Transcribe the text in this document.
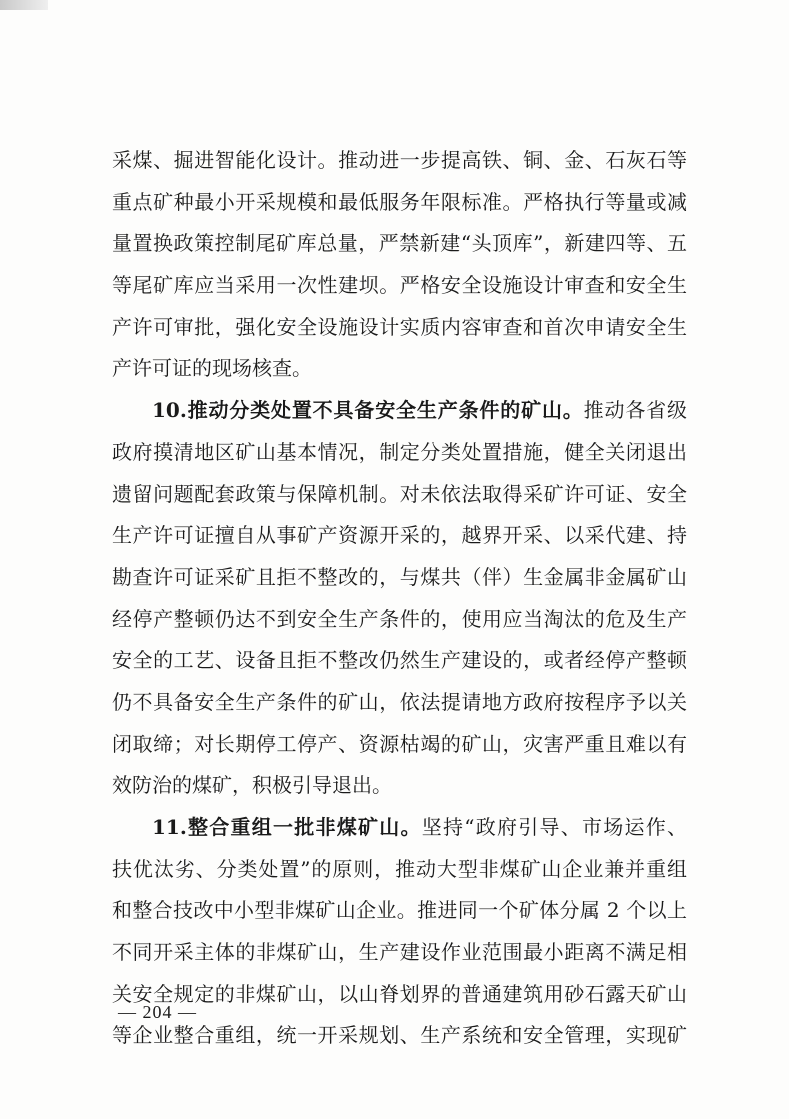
采煤、掘进智能化设计。推动进一步提高铁、铜、金、石灰石等
重点矿种最小开采规模和最低服务年限标准。严格执行等量或减
量置换政策控制尾矿库总量，严禁新建“头顶库”，新建四等、五
等尾矿库应当采用一次性建坝。严格安全设施设计审查和安全生
产许可审批，强化安全设施设计实质内容审查和首次申请安全生
产许可证的现场核查。
10.推动分类处置不具备安全生产条件的矿山。推动各省级
政府摸清地区矿山基本情况，制定分类处置措施，健全关闭退出
遗留问题配套政策与保障机制。对未依法取得采矿许可证、安全
生产许可证擅自从事矿产资源开采的，越界开采、以采代建、持
勘查许可证采矿且拒不整改的，与煤共（伴）生金属非金属矿山
经停产整顿仍达不到安全生产条件的，使用应当淘汰的危及生产
安全的工艺、设备且拒不整改仍然生产建设的，或者经停产整顿
仍不具备安全生产条件的矿山，依法提请地方政府按程序予以关
闭取缔；对长期停工停产、资源枯竭的矿山，灾害严重且难以有
效防治的煤矿，积极引导退出。
11.整合重组一批非煤矿山。坚持“政府引导、市场运作、
扶优汰劣、分类处置”的原则，推动大型非煤矿山企业兼并重组
和整合技改中小型非煤矿山企业。推进同一个矿体分属 2 个以上
不同开采主体的非煤矿山，生产建设作业范围最小距离不满足相
关安全规定的非煤矿山，以山脊划界的普通建筑用砂石露天矿山
等企业整合重组，统一开采规划、生产系统和安全管理，实现矿
— 204 —
